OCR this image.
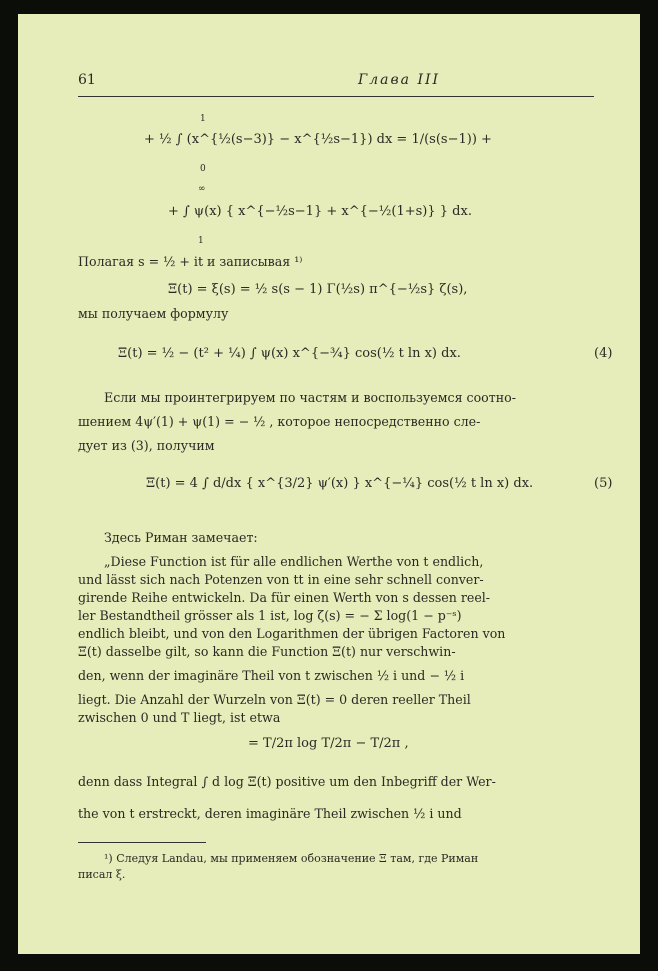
61	Глава III
1
+ ½ ∫ (x^{½(s−3)} − x^{½s−1}) dx = 1/(s(s−1)) +
0
∞
+ ∫ ψ(x) { x^{−½s−1} + x^{−½(1+s)} } dx.
1
Полагая s = ½ + it и записывая ¹⁾
Ξ(t) = ξ(s) = ½ s(s − 1) Γ(½s) π^{−½s} ζ(s),
мы получаем формулу
Ξ(t) = ½ − (t² + ¼) ∫ ψ(x) x^{−¾} cos(½ t ln x) dx.	(4)
Если мы проинтегрируем по частям и воспользуемся соотно-
шением 4ψ′(1) + ψ(1) = − ½ , которое непосредственно сле-
дует из (3), получим
Ξ(t) = 4 ∫ d/dx { x^{3/2} ψ′(x) } x^{−¼} cos(½ t ln x) dx.	(5)
Здесь Риман замечает:
„Diese Function ist für alle endlichen Werthe von t endlich,
und lässt sich nach Potenzen von tt in eine sehr schnell conver-
girende Reihe entwickeln. Da für einen Werth von s dessen reel-
ler Bestandtheil grösser als 1 ist, log ζ(s) = − Σ log(1 − p⁻ˢ)
endlich bleibt, und von den Logarithmen der übrigen Factoren von
Ξ(t) dasselbe gilt, so kann die Function Ξ(t) nur verschwin-
den, wenn der imaginäre Theil von t zwischen ½ i und − ½ i
liegt. Die Anzahl der Wurzeln von Ξ(t) = 0 deren reeller Theil
zwischen 0 und T liegt, ist etwa
= T/2π log T/2π − T/2π ,
denn dass Integral ∫ d log Ξ(t) positive um den Inbegriff der Wer-
the von t erstreckt, deren imaginäre Theil zwischen ½ i und
¹) Следуя Landau, мы применяем обозначение Ξ там, где Риман
писал ξ.
